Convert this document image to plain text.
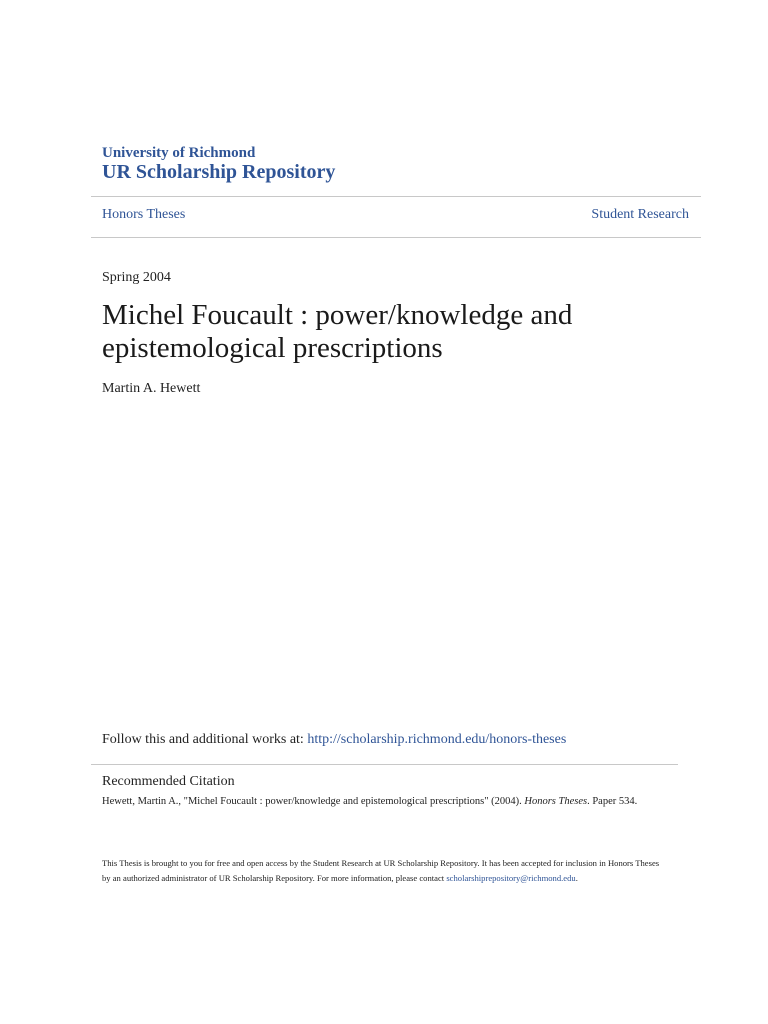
University of Richmond
UR Scholarship Repository
Honors Theses	Student Research
Spring 2004
Michel Foucault : power/knowledge and epistemological prescriptions
Martin A. Hewett
Follow this and additional works at: http://scholarship.richmond.edu/honors-theses
Recommended Citation
Hewett, Martin A., "Michel Foucault : power/knowledge and epistemological prescriptions" (2004). Honors Theses. Paper 534.
This Thesis is brought to you for free and open access by the Student Research at UR Scholarship Repository. It has been accepted for inclusion in Honors Theses by an authorized administrator of UR Scholarship Repository. For more information, please contact scholarshiprepository@richmond.edu.
